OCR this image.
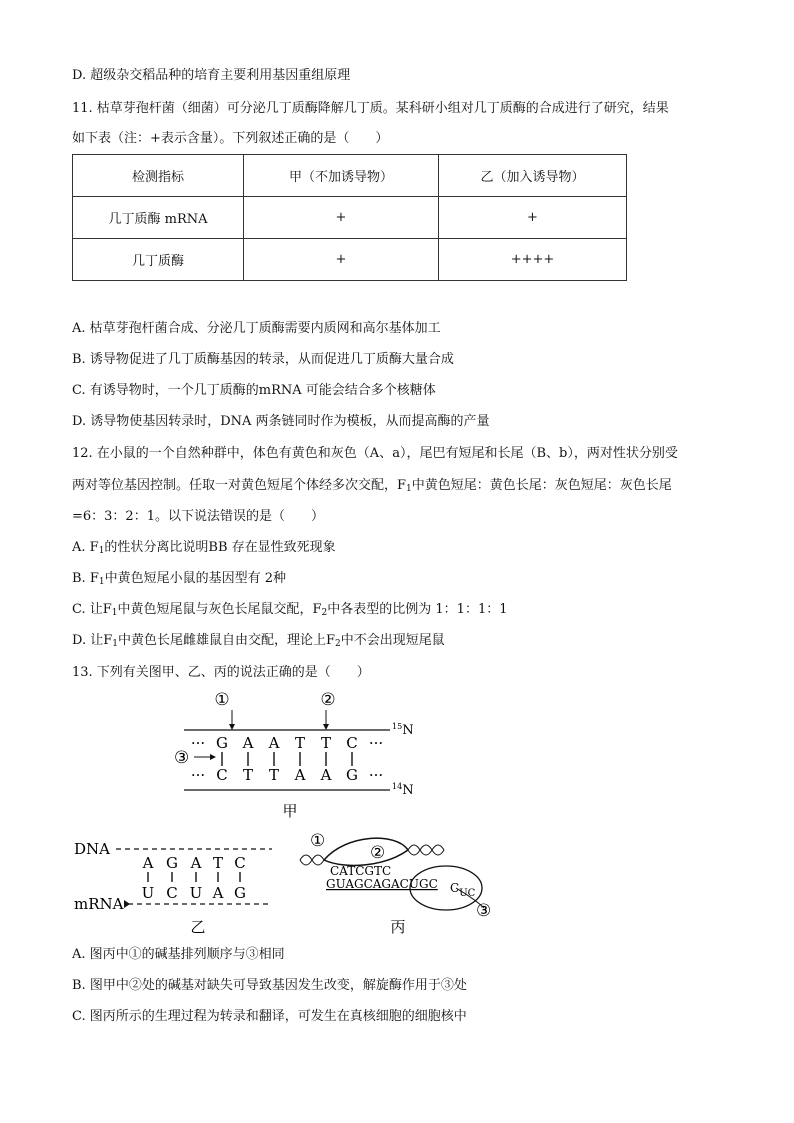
D. 超级杂交稻品种的培育主要利用基因重组原理
11. 枯草芽孢杆菌（细菌）可分泌几丁质酶降解几丁质。某科研小组对几丁质酶的合成进行了研究，结果
如下表（注：+表示含量）。下列叙述正确的是（　　）
检测指标	甲（不加诱导物）	乙（加入诱导物）
几丁质酶 mRNA	+	+
几丁质酶	+	++++
A. 枯草芽孢杆菌合成、分泌几丁质酶需要内质网和高尔基体加工
B. 诱导物促进了几丁质酶基因的转录，从而促进几丁质酶大量合成
C. 有诱导物时，一个几丁质酶的mRNA 可能会结合多个核糖体
D. 诱导物使基因转录时，DNA 两条链同时作为模板，从而提高酶的产量
12. 在小鼠的一个自然种群中，体色有黄色和灰色（A、a），尾巴有短尾和长尾（B、b），两对性状分别受
两对等位基因控制。任取一对黄色短尾个体经多次交配，$F_1$中黄色短尾：黄色长尾：灰色短尾：灰色长尾
=6：3：2：1。以下说法错误的是（　　）
A. $F_1$的性状分离比说明BB 存在显性致死现象
B. $F_1$中黄色短尾小鼠的基因型有 2种
C. 让$F_1$中黄色短尾鼠与灰色长尾鼠交配，$F_2$中各表型的比例为 1：1：1：1
D. 让$F_1$中黄色长尾雌雄鼠自由交配，理论上$F_2$中不会出现短尾鼠
13. 下列有关图甲、乙、丙的说法正确的是（　　）
①	②
$^{15}$N
··· G A A T T C ···
··· C T T A A G ···
③
$^{14}$N
甲
DNA
mRNA
A G A T C
U C U A G
乙
①
②
CATCGTC
GUAGCAGACUGC $C_{UC}$
③
丙
A. 图丙中①的碱基排列顺序与③相同
B. 图甲中②处的碱基对缺失可导致基因发生改变，解旋酶作用于③处
C. 图丙所示的生理过程为转录和翻译，可发生在真核细胞的细胞核中
